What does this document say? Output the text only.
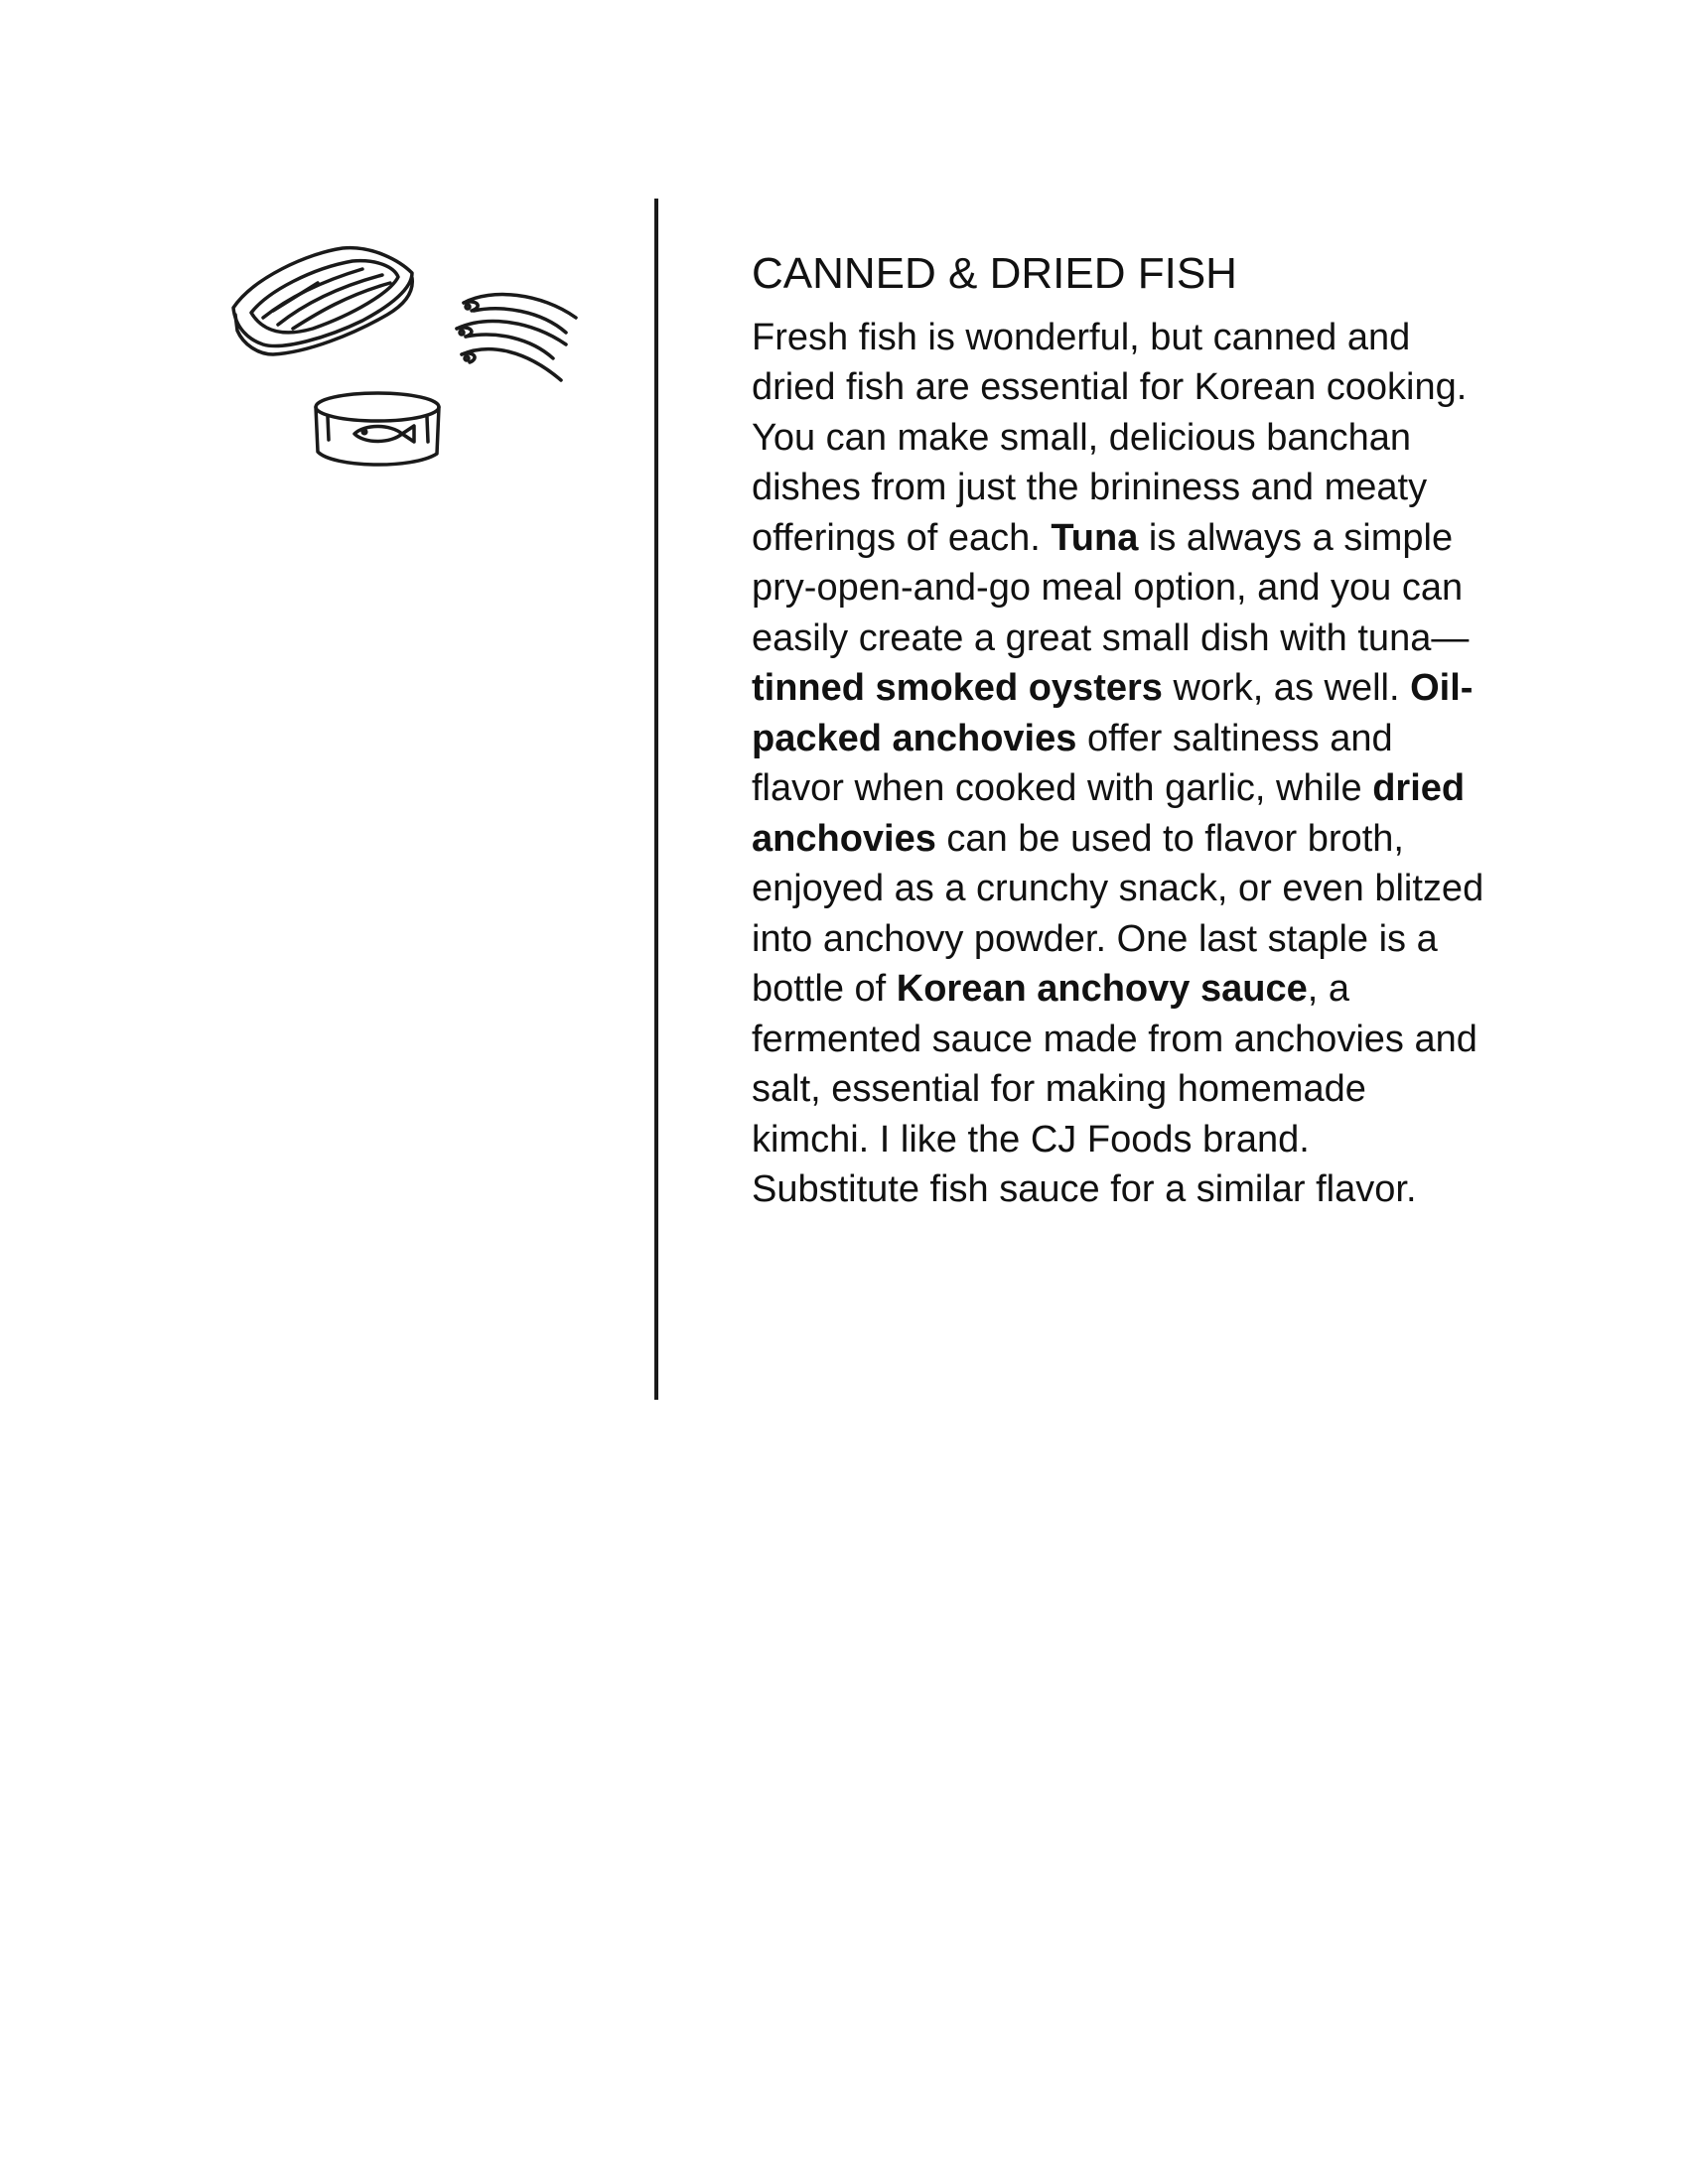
CANNED & DRIED FISH

Fresh fish is wonderful, but canned and dried fish are essential for Korean cooking. You can make small, delicious banchan dishes from just the brininess and meaty offerings of each. Tuna is always a simple pry-open-and-go meal option, and you can easily create a great small dish with tuna—tinned smoked oysters work, as well. Oil-packed anchovies offer saltiness and flavor when cooked with garlic, while dried anchovies can be used to flavor broth, enjoyed as a crunchy snack, or even blitzed into anchovy powder. One last staple is a bottle of Korean anchovy sauce, a fermented sauce made from anchovies and salt, essential for making homemade kimchi. I like the CJ Foods brand. Substitute fish sauce for a similar flavor.
